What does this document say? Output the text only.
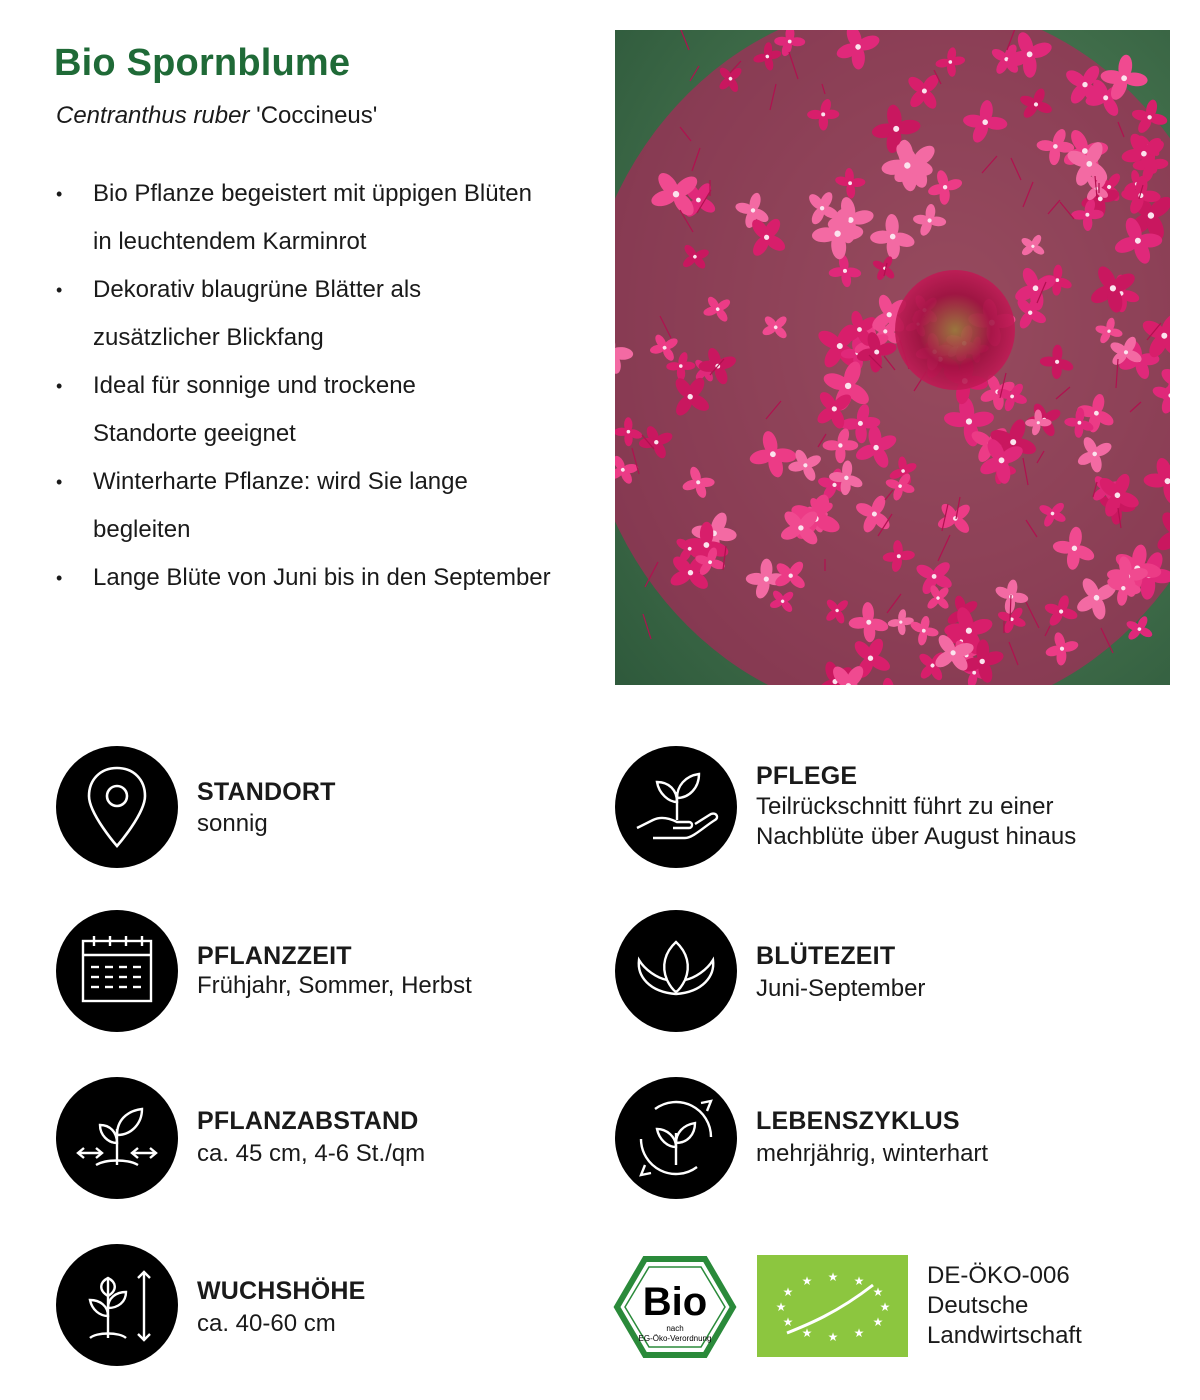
Bio Spornblume
Centranthus ruber 'Coccineus'
• Bio Pflanze begeistert mit üppigen Blüten
in leuchtendem Karminrot
• Dekorativ blaugrüne Blätter als
zusätzlicher Blickfang
• Ideal für sonnige und trockene
Standorte geeignet
• Winterharte Pflanze: wird Sie lange
begleiten
• Lange Blüte von Juni bis in den September
STANDORT
sonnig
PFLANZZEIT
Frühjahr, Sommer, Herbst
PFLANZABSTAND
ca. 45 cm, 4-6 St./qm
WUCHSHÖHE
ca. 40-60 cm
PFLEGE
Teilrückschnitt führt zu einer
Nachblüte über August hinaus
BLÜTEZEIT
Juni-September
LEBENSZYKLUS
mehrjährig, winterhart
Bio
nach
EG-Öko-Verordnung
★
★
★
★
★
★
★
★
★ ★ ★
★
DE-ÖKO-006
Deutsche
Landwirtschaft
